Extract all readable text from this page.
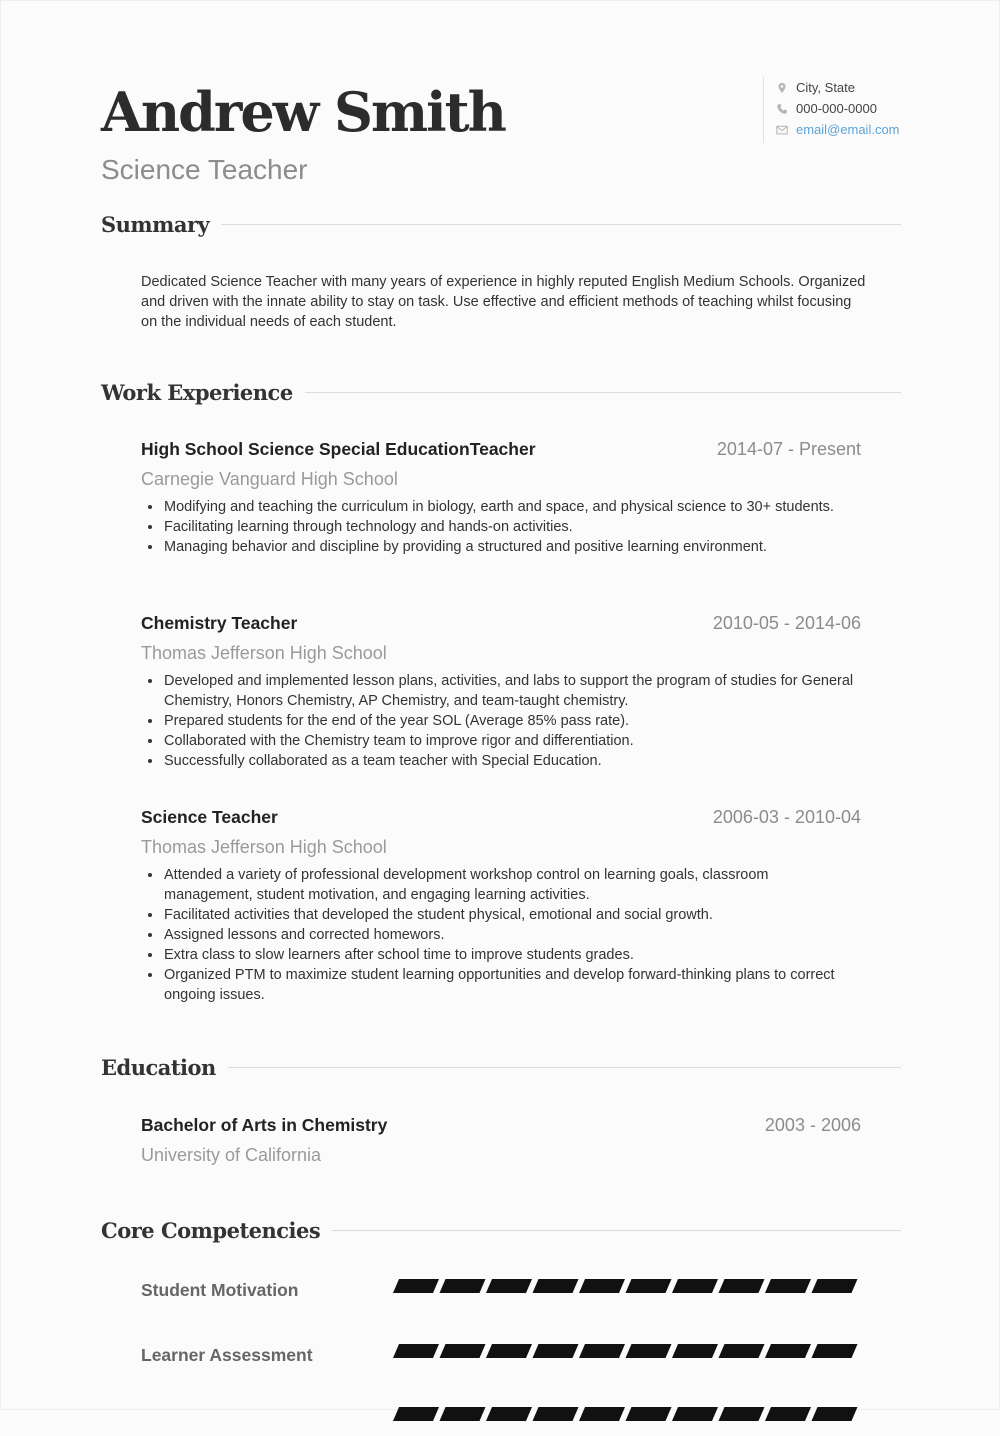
Andrew Smith
Science Teacher
City, State
000-000-0000
email@email.com
Summary
Dedicated Science Teacher with many years of experience in highly reputed English Medium Schools. Organized and driven with the innate ability to stay on task. Use effective and efficient methods of teaching whilst focusing on the individual needs of each student.
Work Experience
High School Science Special EducationTeacher	2014-07 - Present
Carnegie Vanguard High School
• Modifying and teaching the curriculum in biology, earth and space, and physical science to 30+ students.
• Facilitating learning through technology and hands-on activities.
• Managing behavior and discipline by providing a structured and positive learning environment.
Chemistry Teacher	2010-05 - 2014-06
Thomas Jefferson High School
• Developed and implemented lesson plans, activities, and labs to support the program of studies for General Chemistry, Honors Chemistry, AP Chemistry, and team-taught chemistry.
• Prepared students for the end of the year SOL (Average 85% pass rate).
• Collaborated with the Chemistry team to improve rigor and differentiation.
• Successfully collaborated as a team teacher with Special Education.
Science Teacher	2006-03 - 2010-04
Thomas Jefferson High School
• Attended a variety of professional development workshop control on learning goals, classroom management, student motivation, and engaging learning activities.
• Facilitated activities that developed the student physical, emotional and social growth.
• Assigned lessons and corrected homewors.
• Extra class to slow learners after school time to improve students grades.
• Organized PTM to maximize student learning opportunities and develop forward-thinking plans to correct ongoing issues.
Education
Bachelor of Arts in Chemistry	2003 - 2006
University of California
Core Competencies
Student Motivation
Learner Assessment
